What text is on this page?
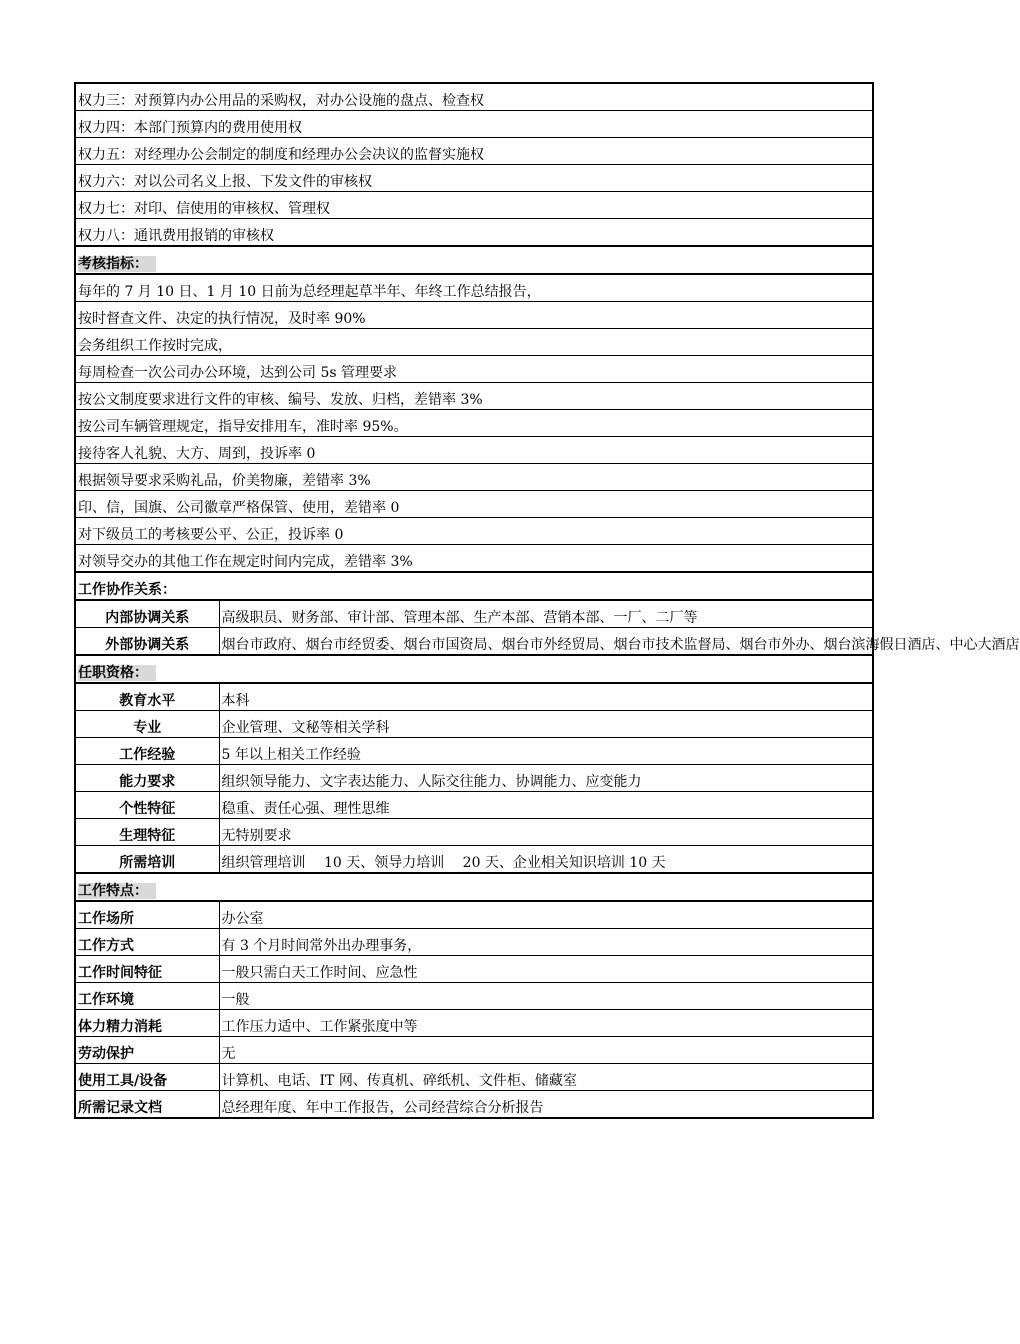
权力三：对预算内办公用品的采购权，对办公设施的盘点、检查权	
权力四：本部门预算内的费用使用权	
权力五：对经理办公会制定的制度和经理办公会决议的监督实施权	
权力六：对以公司名义上报、下发文件的审核权	
权力七：对印、信使用的审核权、管理权	
权力八：通讯费用报销的审核权	
考核指标：	
每年的 7 月 10 日、1 月 10 日前为总经理起草半年、年终工作总结报告，	
按时督查文件、决定的执行情况，及时率 90%	
会务组织工作按时完成，	
每周检查一次公司办公环境，达到公司 5s 管理要求	
按公文制度要求进行文件的审核、编号、发放、归档，差错率 3%	
按公司车辆管理规定，指导安排用车，准时率 95%。	
接待客人礼貌、大方、周到，投诉率 0	
根据领导要求采购礼品，价美物廉，差错率 3%	
印、信，国旗、公司徽章严格保管、使用，差错率 0	
对下级员工的考核要公平、公正，投诉率 0	
对领导交办的其他工作在规定时间内完成，差错率 3%	
工作协作关系：	
内部协调关系	高级职员、财务部、审计部、管理本部、生产本部、营销本部、一厂、二厂等
外部协调关系	烟台市政府、烟台市经贸委、烟台市国资局、烟台市外经贸局、烟台市技术监督局、烟台市外办、烟台滨海假日酒店、中心大酒店
任职资格：	
教育水平	本科
专业	企业管理、文秘等相关学科
工作经验	5 年以上相关工作经验
能力要求	组织领导能力、文字表达能力、人际交往能力、协调能力、应变能力
个性特征	稳重、责任心强、理性思维
生理特征	无特别要求
所需培训	组织管理培训　 10 天、领导力培训　 20 天、企业相关知识培训 10 天
工作特点：	
工作场所	办公室
工作方式	有 3 个月时间常外出办理事务，
工作时间特征	一般只需白天工作时间、应急性
工作环境	一般
体力精力消耗	工作压力适中、工作紧张度中等
劳动保护	无
使用工具/设备	计算机、电话、IT 网、传真机、碎纸机、文件柜、储藏室
所需记录文档	总经理年度、年中工作报告，公司经营综合分析报告
